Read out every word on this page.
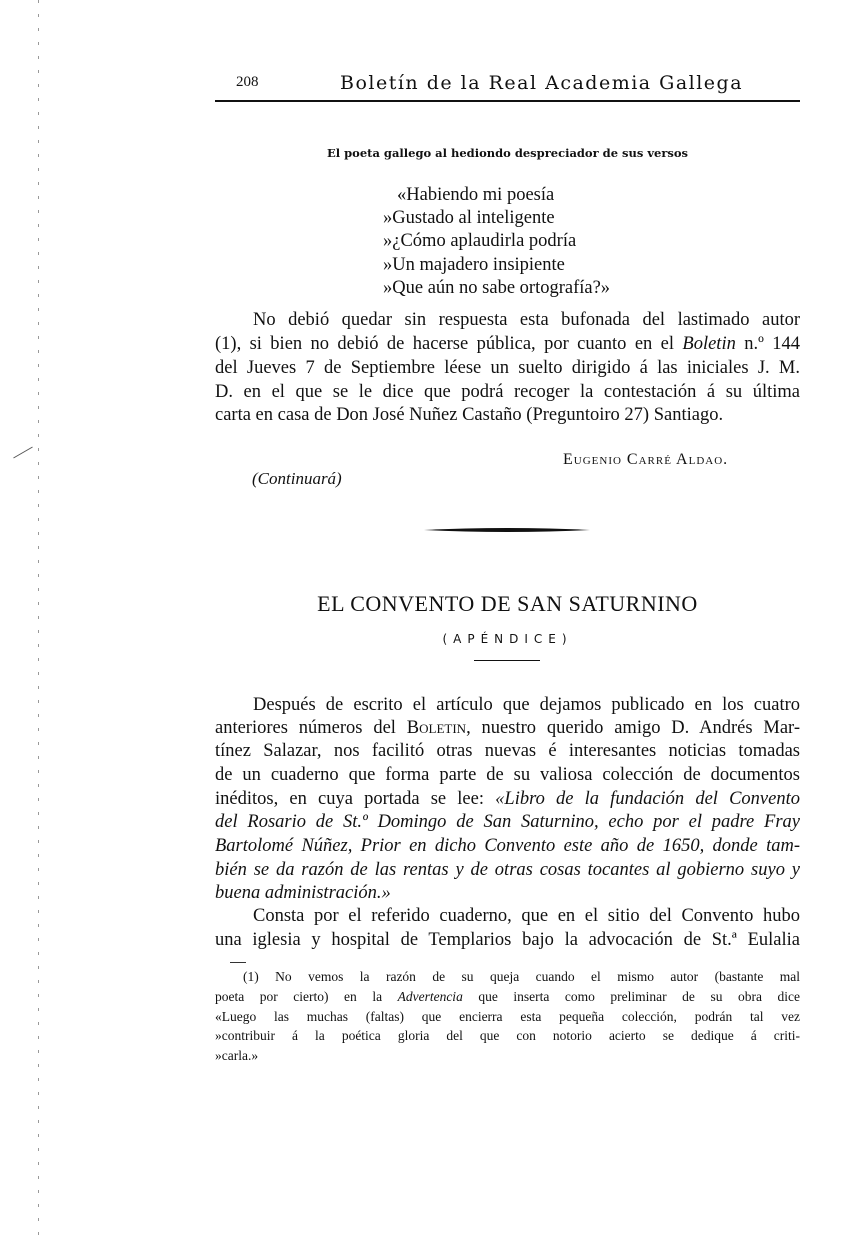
208	Boletín de la Real Academia Gallega
El poeta gallego al hediondo despreciador de sus versos
«Habiendo mi poesía
»Gustado al inteligente
»¿Cómo aplaudirla podría
»Un majadero insipiente
»Que aún no sabe ortografía?»
No debió quedar sin respuesta esta bufonada del lastimado autor
(1), si bien no debió de hacerse pública, por cuanto en el Boletin n.º 144
del Jueves 7 de Septiembre léese un suelto dirigido á las iniciales J. M.
D. en el que se le dice que podrá recoger la contestación á su última
carta en casa de Don José Nuñez Castaño (Preguntoiro 27) Santiago.
Eugenio Carré Aldao.
(Continuará)
EL CONVENTO DE SAN SATURNINO
(APÉNDICE)
Después de escrito el artículo que dejamos publicado en los cuatro
anteriores números del Boletin, nuestro querido amigo D. Andrés Mar-
tínez Salazar, nos facilitó otras nuevas é interesantes noticias tomadas
de un cuaderno que forma parte de su valiosa colección de documentos
inéditos, en cuya portada se lee: «Libro de la fundación del Convento
del Rosario de St.º Domingo de San Saturnino, echo por el padre Fray
Bartolomé Núñez, Prior en dicho Convento este año de 1650, donde tam-
bién se da razón de las rentas y de otras cosas tocantes al gobierno suyo y
buena administración.»
Consta por el referido cuaderno, que en el sitio del Convento hubo
una iglesia y hospital de Templarios bajo la advocación de St.ª Eulalia
(1) No vemos la razón de su queja cuando el mismo autor (bastante mal
poeta por cierto) en la Advertencia que inserta como preliminar de su obra dice
«Luego las muchas (faltas) que encierra esta pequeña colección, podrán tal vez
»contribuir á la poética gloria del que con notorio acierto se dedique á criti-
»carla.»
